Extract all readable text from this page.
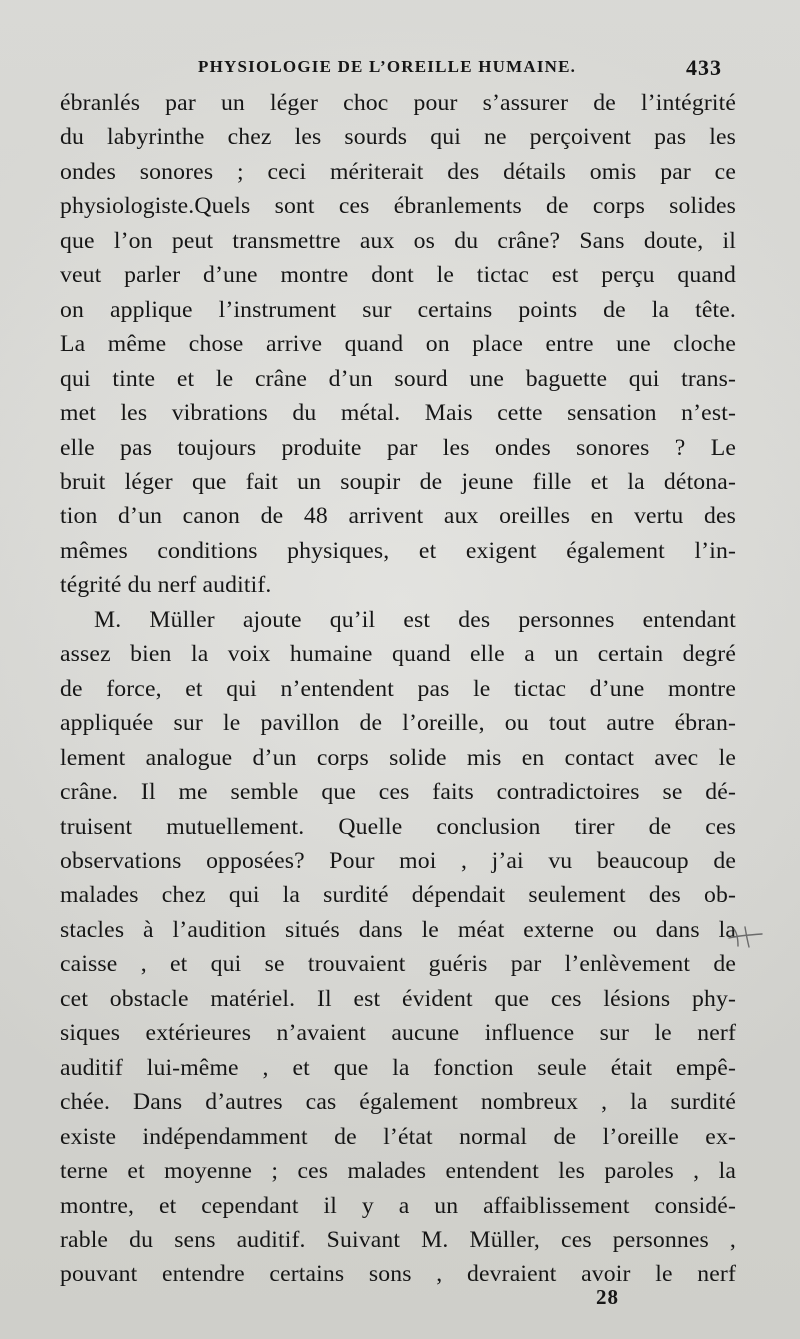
PHYSIOLOGIE DE L’OREILLE HUMAINE.	433
ébranlés par un léger choc pour s’assurer de l’intégrité
du labyrinthe chez les sourds qui ne perçoivent pas les
ondes sonores ; ceci mériterait des détails omis par ce
physiologiste.Quels sont ces ébranlements de corps solides
que l’on peut transmettre aux os du crâne? Sans doute, il
veut parler d’une montre dont le tictac est perçu quand
on applique l’instrument sur certains points de la tête.
La même chose arrive quand on place entre une cloche
qui tinte et le crâne d’un sourd une baguette qui trans-
met les vibrations du métal. Mais cette sensation n’est-
elle pas toujours produite par les ondes sonores ? Le
bruit léger que fait un soupir de jeune fille et la détona-
tion d’un canon de 48 arrivent aux oreilles en vertu des
mêmes conditions physiques, et exigent également l’in-
tégrité du nerf auditif.
M. Müller ajoute qu’il est des personnes entendant
assez bien la voix humaine quand elle a un certain degré
de force, et qui n’entendent pas le tictac d’une montre
appliquée sur le pavillon de l’oreille, ou tout autre ébran-
lement analogue d’un corps solide mis en contact avec le
crâne. Il me semble que ces faits contradictoires se dé-
truisent mutuellement. Quelle conclusion tirer de ces
observations opposées? Pour moi , j’ai vu beaucoup de
malades chez qui la surdité dépendait seulement des ob-
stacles à l’audition situés dans le méat externe ou dans la
caisse , et qui se trouvaient guéris par l’enlèvement de
cet obstacle matériel. Il est évident que ces lésions phy-
siques extérieures n’avaient aucune influence sur le nerf
auditif lui-même , et que la fonction seule était empê-
chée. Dans d’autres cas également nombreux , la surdité
existe indépendamment de l’état normal de l’oreille ex-
terne et moyenne ; ces malades entendent les paroles , la
montre, et cependant il y a un affaiblissement considé-
rable du sens auditif. Suivant M. Müller, ces personnes ,
pouvant entendre certains sons , devraient avoir le nerf
28
